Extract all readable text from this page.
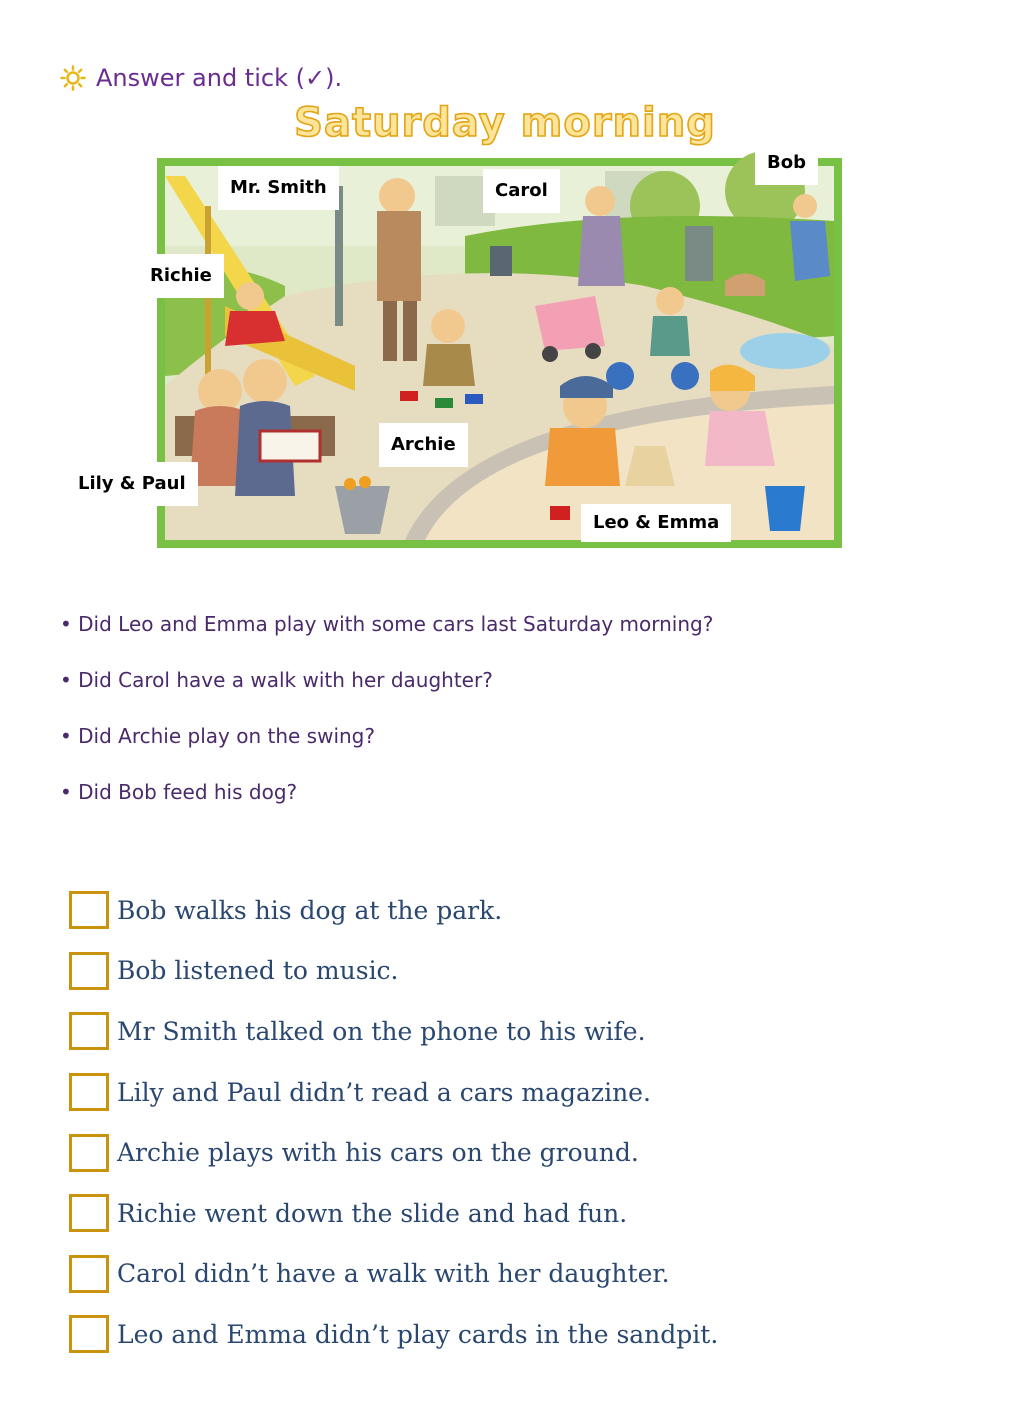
Answer and tick (✓).
Saturday morning
Mr. Smith	Carol
Richie
Archie
Leo & Emma
Bob
Lily & Paul
• Did Leo and Emma play with some cars last Saturday morning?
• Did Carol have a walk with her daughter?
• Did Archie play on the swing?
• Did Bob feed his dog?
Bob walks his dog at the park.
Bob listened to music.
Mr Smith talked on the phone to his wife.
Lily and Paul didn’t read a cars magazine.
Archie plays with his cars on the ground.
Richie went down the slide and had fun.
Carol didn’t have a walk with her daughter.
Leo and Emma didn’t play cards in the sandpit.
